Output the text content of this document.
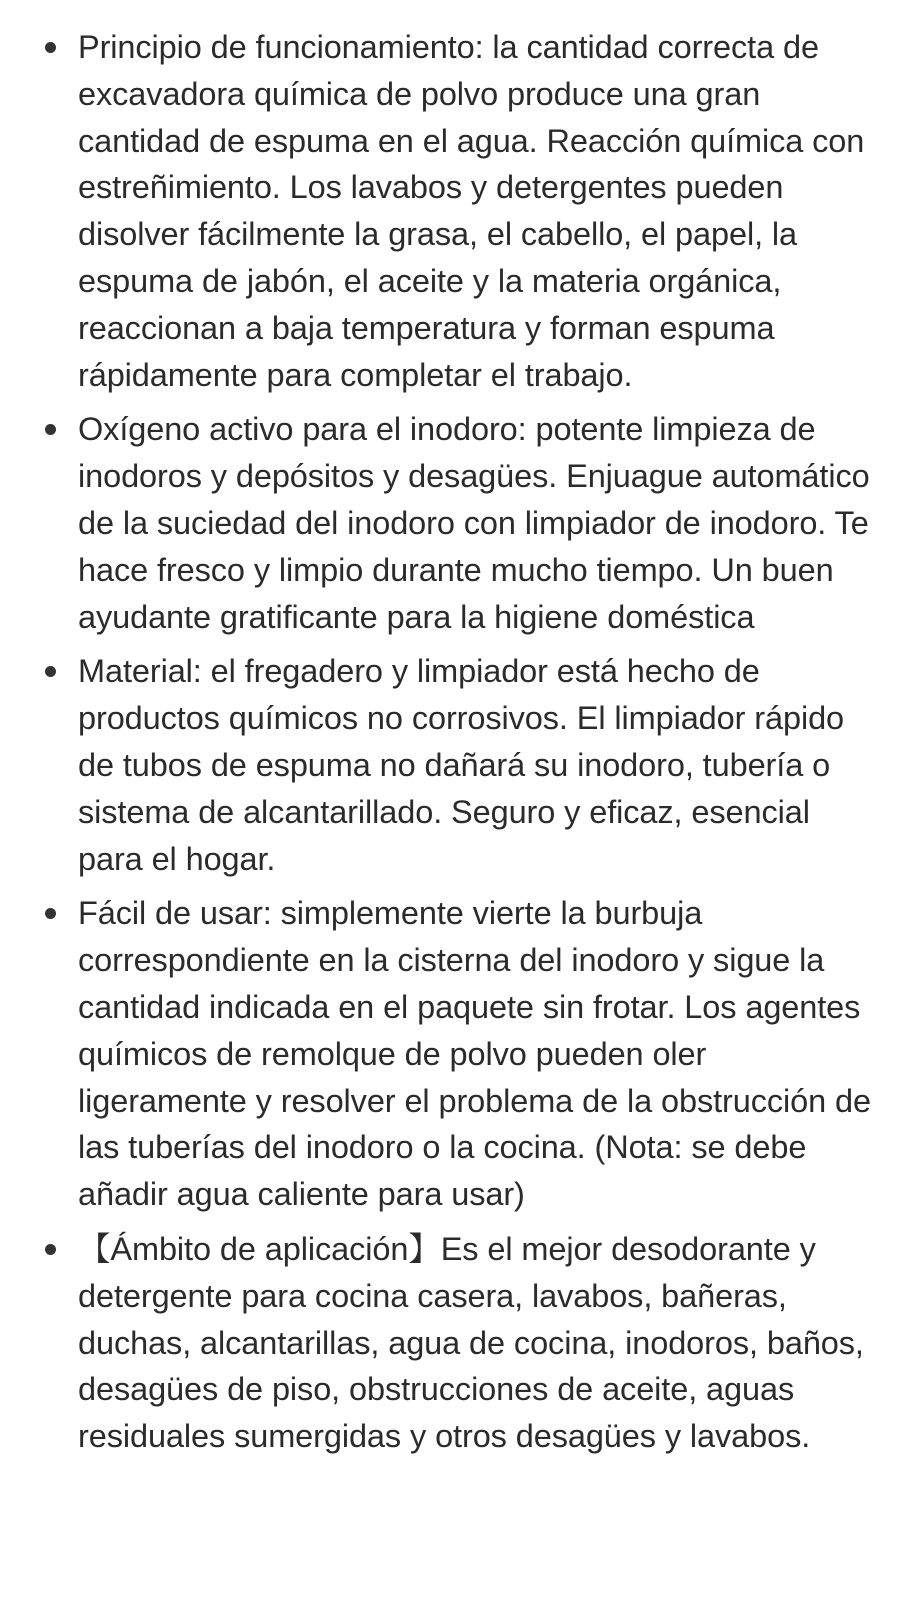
Principio de funcionamiento: la cantidad correcta de excavadora química de polvo produce una gran cantidad de espuma en el agua. Reacción química con estreñimiento. Los lavabos y detergentes pueden disolver fácilmente la grasa, el cabello, el papel, la espuma de jabón, el aceite y la materia orgánica, reaccionan a baja temperatura y forman espuma rápidamente para completar el trabajo.
Oxígeno activo para el inodoro: potente limpieza de inodoros y depósitos y desagües. Enjuague automático de la suciedad del inodoro con limpiador de inodoro. Te hace fresco y limpio durante mucho tiempo. Un buen ayudante gratificante para la higiene doméstica
Material: el fregadero y limpiador está hecho de productos químicos no corrosivos. El limpiador rápido de tubos de espuma no dañará su inodoro, tubería o sistema de alcantarillado. Seguro y eficaz, esencial para el hogar.
Fácil de usar: simplemente vierte la burbuja correspondiente en la cisterna del inodoro y sigue la cantidad indicada en el paquete sin frotar. Los agentes químicos de remolque de polvo pueden oler ligeramente y resolver el problema de la obstrucción de las tuberías del inodoro o la cocina. (Nota: se debe añadir agua caliente para usar)
【Ámbito de aplicación】Es el mejor desodorante y detergente para cocina casera, lavabos, bañeras, duchas, alcantarillas, agua de cocina, inodoros, baños, desagües de piso, obstrucciones de aceite, aguas residuales sumergidas y otros desagües y lavabos.
